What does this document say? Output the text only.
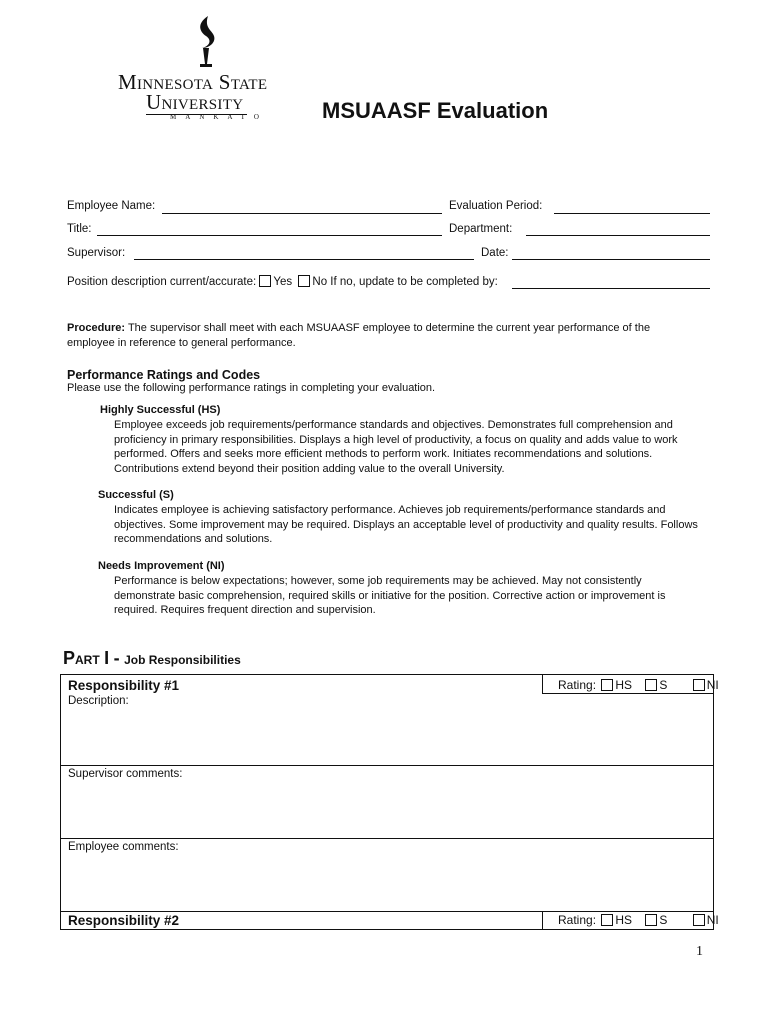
Minnesota State
University
MANKATO MSUAASF Evaluation
Employee Name:	Evaluation Period:
Title:	Department:
Supervisor:	Date:
Position description current/accurate: Yes No If no, update to be completed by:
Procedure: The supervisor shall meet with each MSUAASF employee to determine the current year performance of the employee in reference to general performance.
Performance Ratings and Codes
Please use the following performance ratings in completing your evaluation.
Highly Successful (HS)
Employee exceeds job requirements/performance standards and objectives. Demonstrates full comprehension and proficiency in primary responsibilities. Displays a high level of productivity, a focus on quality and adds value to work performed. Offers and seeks more efficient methods to perform work. Initiates recommendations and solutions. Contributions extend beyond their position adding value to the overall University.
Successful (S)
Indicates employee is achieving satisfactory performance. Achieves job requirements/performance standards and objectives. Some improvement may be required. Displays an acceptable level of productivity and quality results. Follows recommendations and solutions.
Needs Improvement (NI)
Performance is below expectations; however, some job requirements may be achieved. May not consistently demonstrate basic comprehension, required skills or initiative for the position. Corrective action or improvement is required. Requires frequent direction and supervision.
PART I - Job Responsibilities
Responsibility #1	Rating: HS S	NI
Description:
Supervisor comments:
Employee comments:
Responsibility #2	Rating: HS S	NI
1
